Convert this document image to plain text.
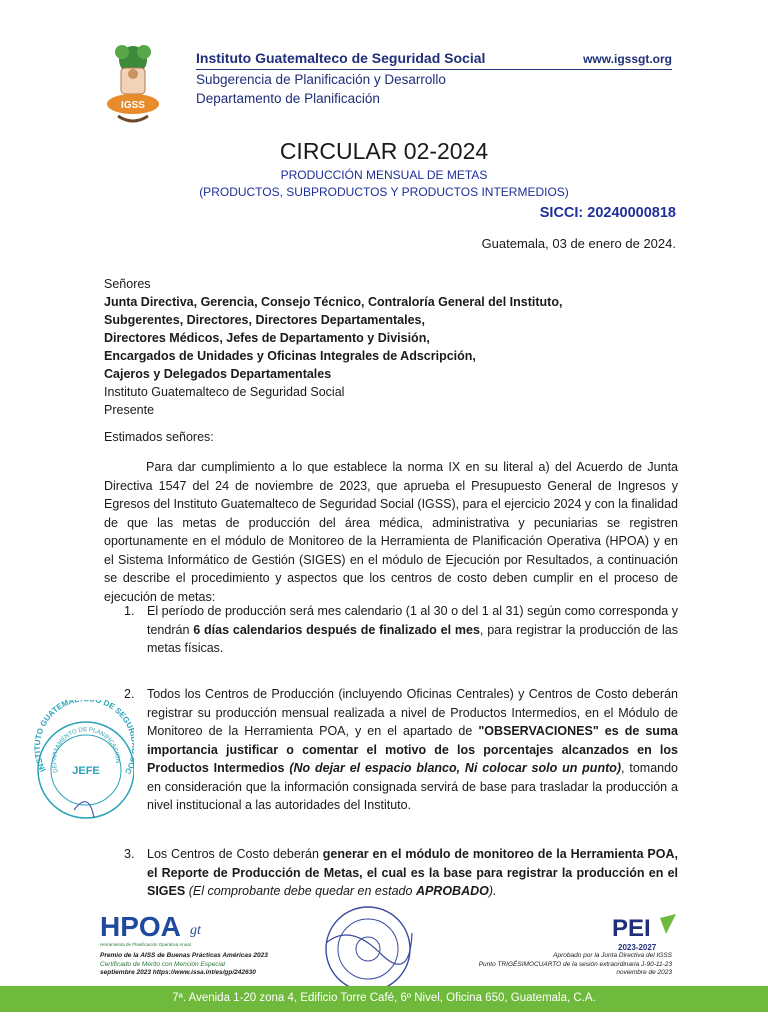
IGSS
Instituto Guatemalteco de Seguridad Social	www.igssgt.org
Subgerencia de Planificación y Desarrollo
Departamento de Planificación
CIRCULAR 02-2024
PRODUCCIÓN MENSUAL DE METAS
(PRODUCTOS, SUBPRODUCTOS Y PRODUCTOS INTERMEDIOS)
SICCI: 20240000818
Guatemala, 03 de enero de 2024.
Señores
Junta Directiva, Gerencia, Consejo Técnico, Contraloría General del Instituto,
Subgerentes, Directores, Directores Departamentales,
Directores Médicos, Jefes de Departamento y División,
Encargados de Unidades y Oficinas Integrales de Adscripción,
Cajeros y Delegados Departamentales
Instituto Guatemalteco de Seguridad Social
Presente
Estimados señores:
Para dar cumplimiento a lo que establece la norma IX en su literal a) del Acuerdo de Junta Directiva 1547 del 24 de noviembre de 2023, que aprueba el Presupuesto General de Ingresos y Egresos del Instituto Guatemalteco de Seguridad Social (IGSS), para el ejercicio 2024 y con la finalidad de que las metas de producción del área médica, administrativa y pecuniarias se registren oportunamente en el módulo de Monitoreo de la Herramienta de Planificación Operativa (HPOA) y en el Sistema Informático de Gestión (SIGES) en el módulo de Ejecución por Resultados, a continuación se describe el procedimiento y aspectos que los centros de costo deben cumplir en el proceso de ejecución de metas:
1. El período de producción será mes calendario (1 al 30 o del 1 al 31) según como corresponda y tendrán 6 días calendarios después de finalizado el mes, para registrar la producción de las metas físicas.
2. Todos los Centros de Producción (incluyendo Oficinas Centrales) y Centros de Costo deberán registrar su producción mensual realizada a nivel de Productos Intermedios, en el Módulo de Monitoreo de la Herramienta POA, y en el apartado de "OBSERVACIONES" es de suma importancia justificar o comentar el motivo de los porcentajes alcanzados en los Productos Intermedios (No dejar el espacio blanco, Ni colocar solo un punto), tomando en consideración que la información consignada servirá de base para trasladar la producción a nivel institucional a las autoridades del Instituto.
3. Los Centros de Costo deberán generar en el módulo de monitoreo de la Herramienta POA, el Reporte de Producción de Metas, el cual es la base para registrar la producción en el SIGES (El comprobante debe quedar en estado APROBADO).
INSTI TO GUATEMA O DE SEGU C
DEPARTAMENTO DE PLANIFICACIÓN
JEFE
HPOA gt
Herramienta de Planificación Operativa Anual
Premio de la AISS de Buenas Prácticas Américas 2023
Certificado de Mérito con Mención Especial
septiembre 2023 https://www.issa.int/es/gp/242630
PEI
2023-2027
Aprobado por la Junta Directiva del IGSS
Punto TRIGÉSIMOCUARTO de la sesión extraordinaria J-90-11-23
noviembre de 2023
7ª. Avenida 1-20 zona 4, Edificio Torre Café, 6º Nivel, Oficina 650, Guatemala, C.A.
